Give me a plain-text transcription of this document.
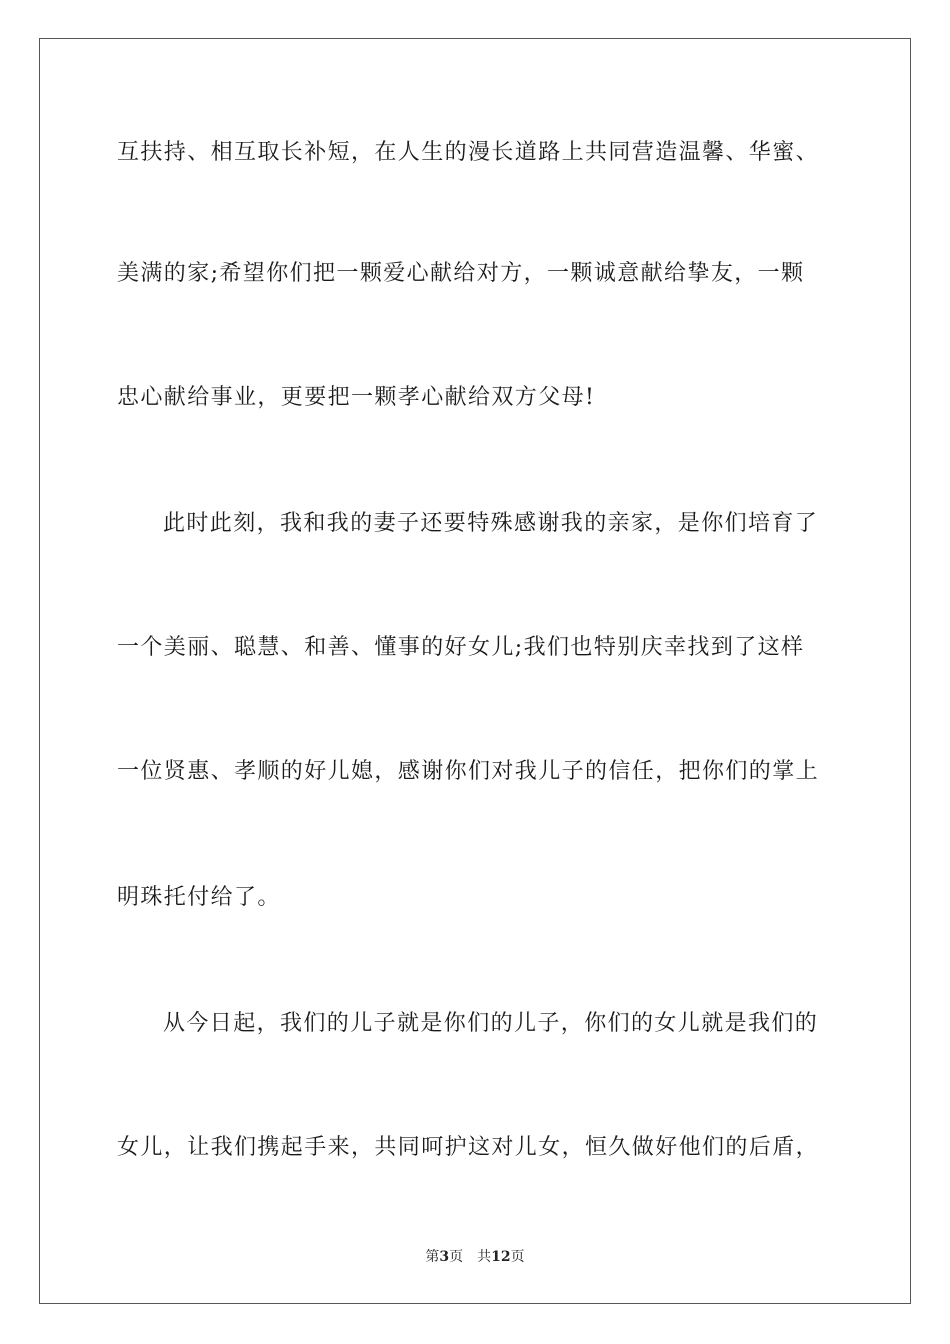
互扶持、相互取长补短，在人生的漫长道路上共同营造温馨、华蜜、
美满的家;希望你们把一颗爱心献给对方，一颗诚意献给挚友，一颗
忠心献给事业，更要把一颗孝心献给双方父母!
此时此刻，我和我的妻子还要特殊感谢我的亲家，是你们培育了
一个美丽、聪慧、和善、懂事的好女儿;我们也特别庆幸找到了这样
一位贤惠、孝顺的好儿媳，感谢你们对我儿子的信任，把你们的掌上
明珠托付给了。
从今日起，我们的儿子就是你们的儿子，你们的女儿就是我们的
女儿，让我们携起手来，共同呵护这对儿女，恒久做好他们的后盾，
第3页 共12页
